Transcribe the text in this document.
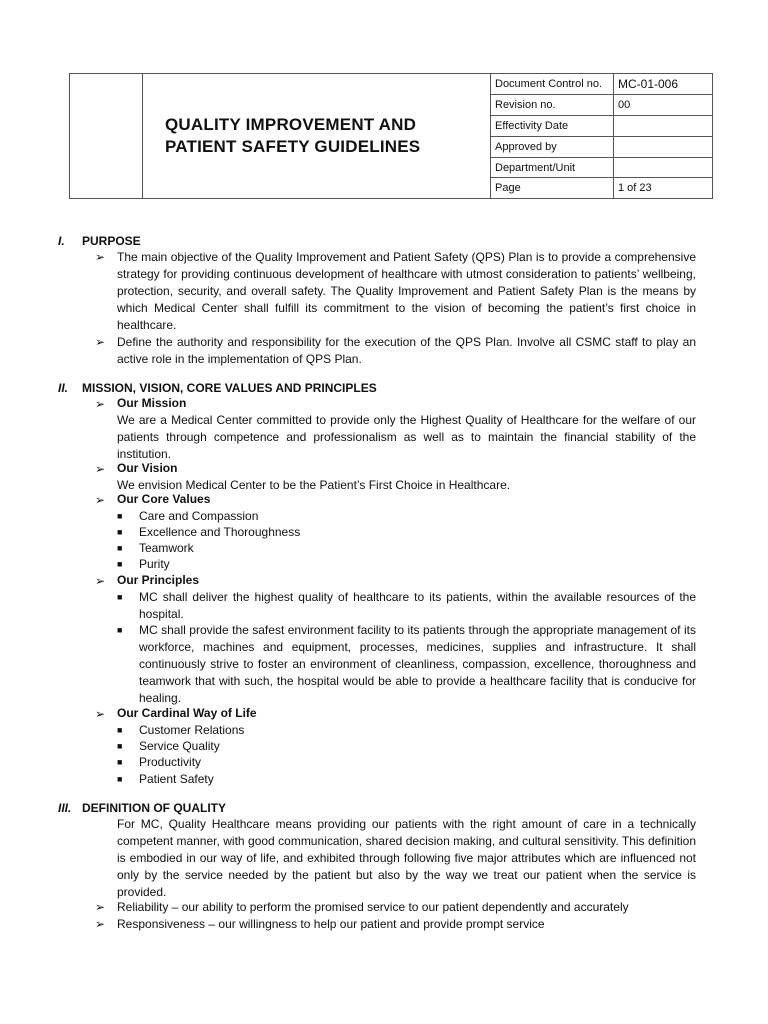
	QUALITY IMPROVEMENT AND
PATIENT SAFETY GUIDELINES	Document Control no.	MC-01-006
		Revision no.	00
		Effectivity Date	
		Approved by	
		Department/Unit	
		Page	1 of 23
I. PURPOSE
➢ The main objective of the Quality Improvement and Patient Safety (QPS) Plan is to provide a comprehensive strategy for providing continuous development of healthcare with utmost consideration to patients’ wellbeing, protection, security, and overall safety. The Quality Improvement and Patient Safety Plan is the means by which Medical Center shall fulfill its commitment to the vision of becoming the patient’s first choice in healthcare.
➢ Define the authority and responsibility for the execution of the QPS Plan. Involve all CSMC staff to play an active role in the implementation of QPS Plan.
II. MISSION, VISION, CORE VALUES AND PRINCIPLES
➢ Our Mission
We are a Medical Center committed to provide only the Highest Quality of Healthcare for the welfare of our patients through competence and professionalism as well as to maintain the financial stability of the institution.
➢ Our Vision
We envision Medical Center to be the Patient’s First Choice in Healthcare.
➢ Our Core Values
■ Care and Compassion
■ Excellence and Thoroughness
■ Teamwork
■ Purity
➢ Our Principles
■ MC shall deliver the highest quality of healthcare to its patients, within the available resources of the hospital.
■ MC shall provide the safest environment facility to its patients through the appropriate management of its workforce, machines and equipment, processes, medicines, supplies and infrastructure. It shall continuously strive to foster an environment of cleanliness, compassion, excellence, thoroughness and teamwork that with such, the hospital would be able to provide a healthcare facility that is conducive for healing.
➢ Our Cardinal Way of Life
■ Customer Relations
■ Service Quality
■ Productivity
■ Patient Safety
III. DEFINITION OF QUALITY
For MC, Quality Healthcare means providing our patients with the right amount of care in a technically competent manner, with good communication, shared decision making, and cultural sensitivity. This definition is embodied in our way of life, and exhibited through following five major attributes which are influenced not only by the service needed by the patient but also by the way we treat our patient when the service is provided.
➢ Reliability – our ability to perform the promised service to our patient dependently and accurately
➢ Responsiveness – our willingness to help our patient and provide prompt service
